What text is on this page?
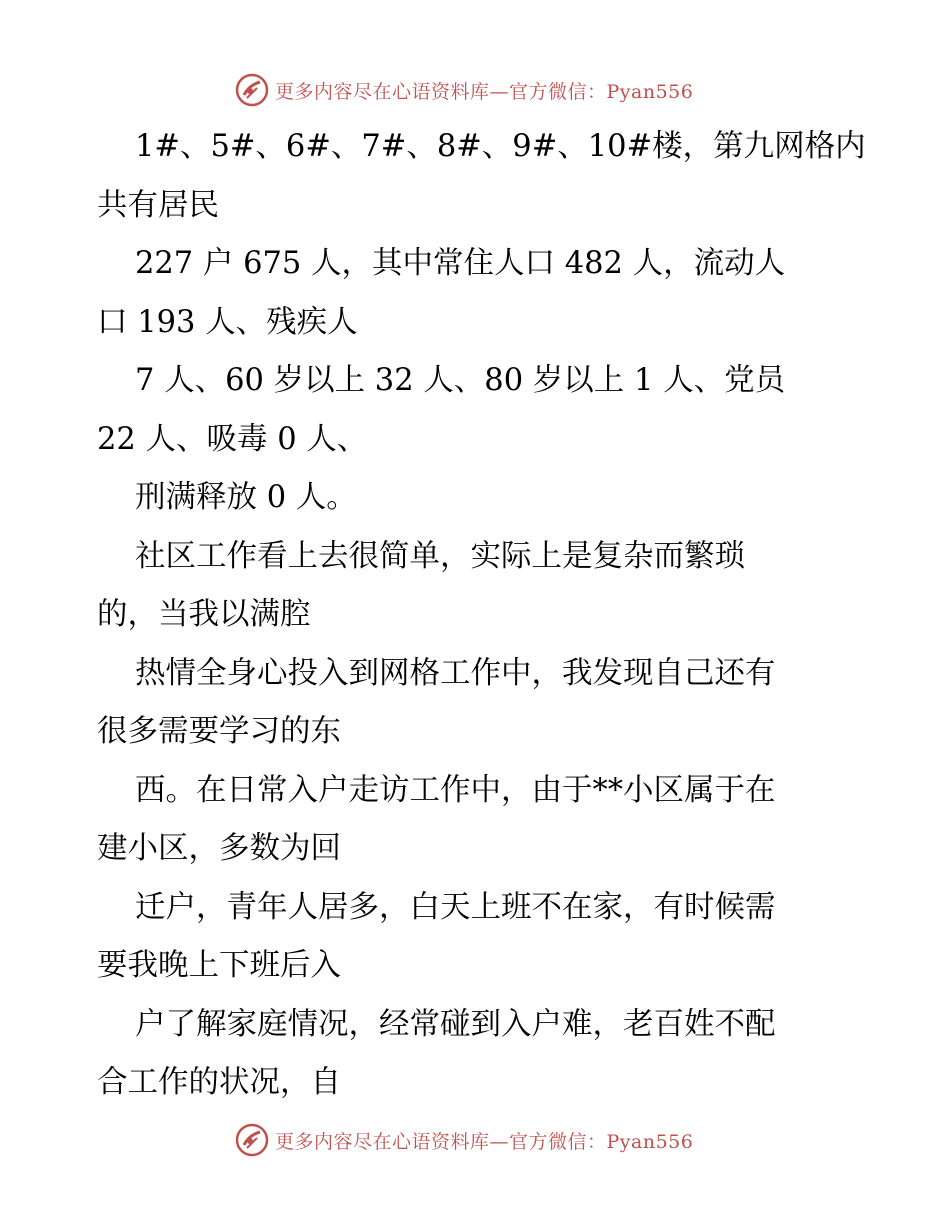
更多内容尽在心语资料库—官方微信：Pyan556
1#、5#、6#、7#、8#、9#、10#楼，第九网格内
共有居民
227 户 675 人，其中常住人口 482 人，流动人
口 193 人、残疾人
7 人、60 岁以上 32 人、80 岁以上 1 人、党员
22 人、吸毒 0 人、
刑满释放 0 人。
社区工作看上去很简单，实际上是复杂而繁琐
的，当我以满腔
热情全身心投入到网格工作中，我发现自己还有
很多需要学习的东
西。在日常入户走访工作中，由于**小区属于在
建小区，多数为回
迁户，青年人居多，白天上班不在家，有时候需
要我晚上下班后入
户了解家庭情况，经常碰到入户难，老百姓不配
合工作的状况，自
更多内容尽在心语资料库—官方微信：Pyan556
